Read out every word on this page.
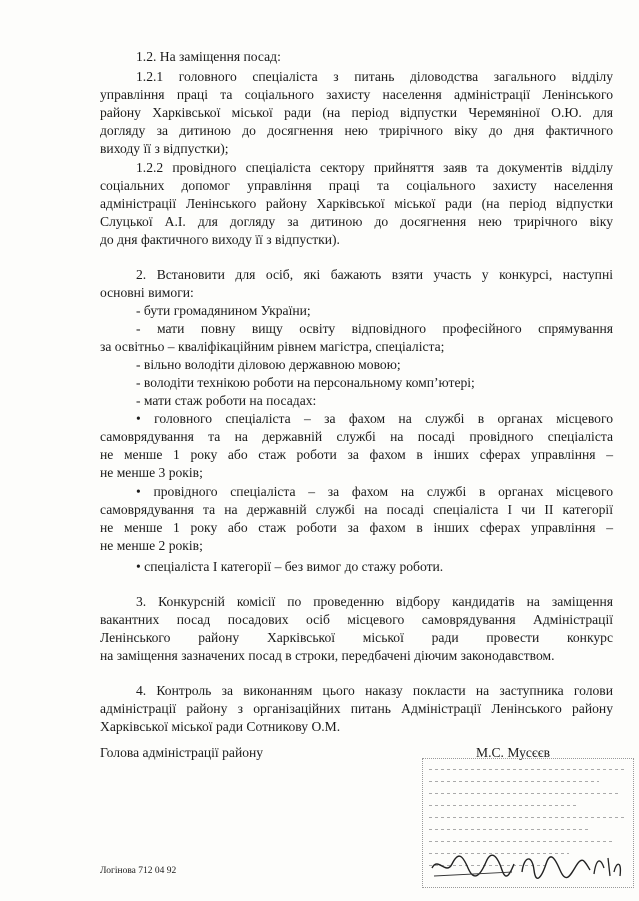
1.2. На заміщення посад:
1.2.1 головного спеціаліста з питань діловодства загального відділу
управління праці та соціального захисту населення адміністрації Ленінського
району Харківської міської ради (на період відпустки Черемяніної О.Ю. для
догляду за дитиною до досягнення нею трирічного віку до дня фактичного
виходу її з відпустки);
1.2.2 провідного спеціаліста сектору прийняття заяв та документів відділу
соціальних допомог управління праці та соціального захисту населення
адміністрації Ленінського району Харківської міської ради (на період відпустки
Слуцької А.І. для догляду за дитиною до досягнення нею трирічного віку
до дня фактичного виходу її з відпустки).
2. Встановити для осіб, які бажають взяти участь у конкурсі, наступні
основні вимоги:
- бути громадянином України;
- мати повну вищу освіту відповідного професійного спрямування
за освітньо – кваліфікаційним рівнем магістра, спеціаліста;
- вільно володіти діловою державною мовою;
- володіти технікою роботи на персональному комп’ютері;
- мати стаж роботи на посадах:
• головного спеціаліста – за фахом на службі в органах місцевого
самоврядування та на державній службі на посаді провідного спеціаліста
не менше 1 року або стаж роботи за фахом в інших сферах управління –
не менше 3 років;
• провідного спеціаліста – за фахом на службі в органах місцевого
самоврядування та на державній службі на посаді спеціаліста I чи II категорії
не менше 1 року або стаж роботи за фахом в інших сферах управління –
не менше 2 років;
• спеціаліста I категорії – без вимог до стажу роботи.
3. Конкурсній комісії по проведенню відбору кандидатів на заміщення
вакантних посад посадових осіб місцевого самоврядування Адміністрації
Ленінського району Харківської міської ради провести конкурс
на заміщення зазначених посад в строки, передбачені діючим законодавством.
4. Контроль за виконанням цього наказу покласти на заступника голови
адміністрації району з організаційних питань Адміністрації Ленінського району
Харківської міської ради Сотникову О.М.
Голова адміністрації району	М.С. Мусєєв
Логінова 712 04 92
